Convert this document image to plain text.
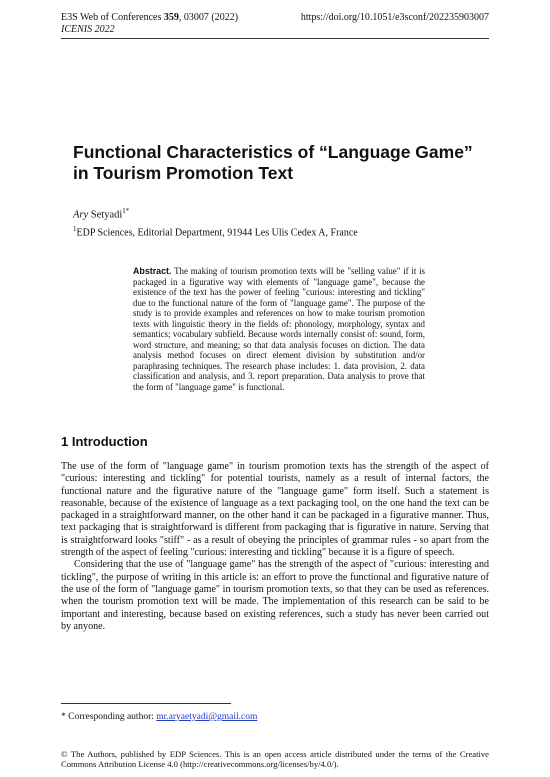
E3S Web of Conferences 359, 03007 (2022)
ICENIS 2022
https://doi.org/10.1051/e3sconf/202235903007
Functional Characteristics of “Language Game” in Tourism Promotion Text
Ary Setyadi$^{1*}$
$^1$EDP Sciences, Editorial Department, 91944 Les Ulis Cedex A, France

Abstract. The making of tourism promotion texts will be "selling value" if it is packaged in a figurative way with elements of "language game", because the existence of the text has the power of feeling "curious: interesting and tickling" due to the functional nature of the form of "language game". The purpose of the study is to provide examples and references on how to make tourism promotion texts with linguistic theory in the fields of: phonology, morphology, syntax and semantics; vocabulary subfield. Because words internally consist of: sound, form, word structure, and meaning; so that data analysis focuses on diction. The data analysis method focuses on direct element division by substitution and/or paraphrasing techniques. The research phase includes: 1. data provision, 2. data classification and analysis, and 3. report preparation. Data analysis to prove that the form of "language game" is functional.

1 Introduction

The use of the form of "language game" in tourism promotion texts has the strength of the aspect of "curious: interesting and tickling" for potential tourists, namely as a result of internal factors, the functional nature and the figurative nature of the "language game" form itself. Such a statement is reasonable, because of the existence of language as a text packaging tool, on the one hand the text can be packaged in a straightforward manner, on the other hand it can be packaged in a figurative manner. Thus, text packaging that is straightforward is different from packaging that is figurative in nature. Serving that is straightforward looks "stiff" - as a result of obeying the principles of grammar rules - so apart from the strength of the aspect of feeling "curious: interesting and tickling" because it is a figure of speech.

Considering that the use of "language game" has the strength of the aspect of "curious: interesting and tickling", the purpose of writing in this article is: an effort to prove the functional and figurative nature of the use of the form of "language game" in tourism promotion texts, so that they can be used as references. when the tourism promotion text will be made. The implementation of this research can be said to be important and interesting, because based on existing references, such a study has never been carried out by anyone.

* Corresponding author: mr.aryaetyadi@gmail.com
© The Authors, published by EDP Sciences. This is an open access article distributed under the terms of the Creative Commons Attribution License 4.0 (http://creativecommons.org/licenses/by/4.0/).
